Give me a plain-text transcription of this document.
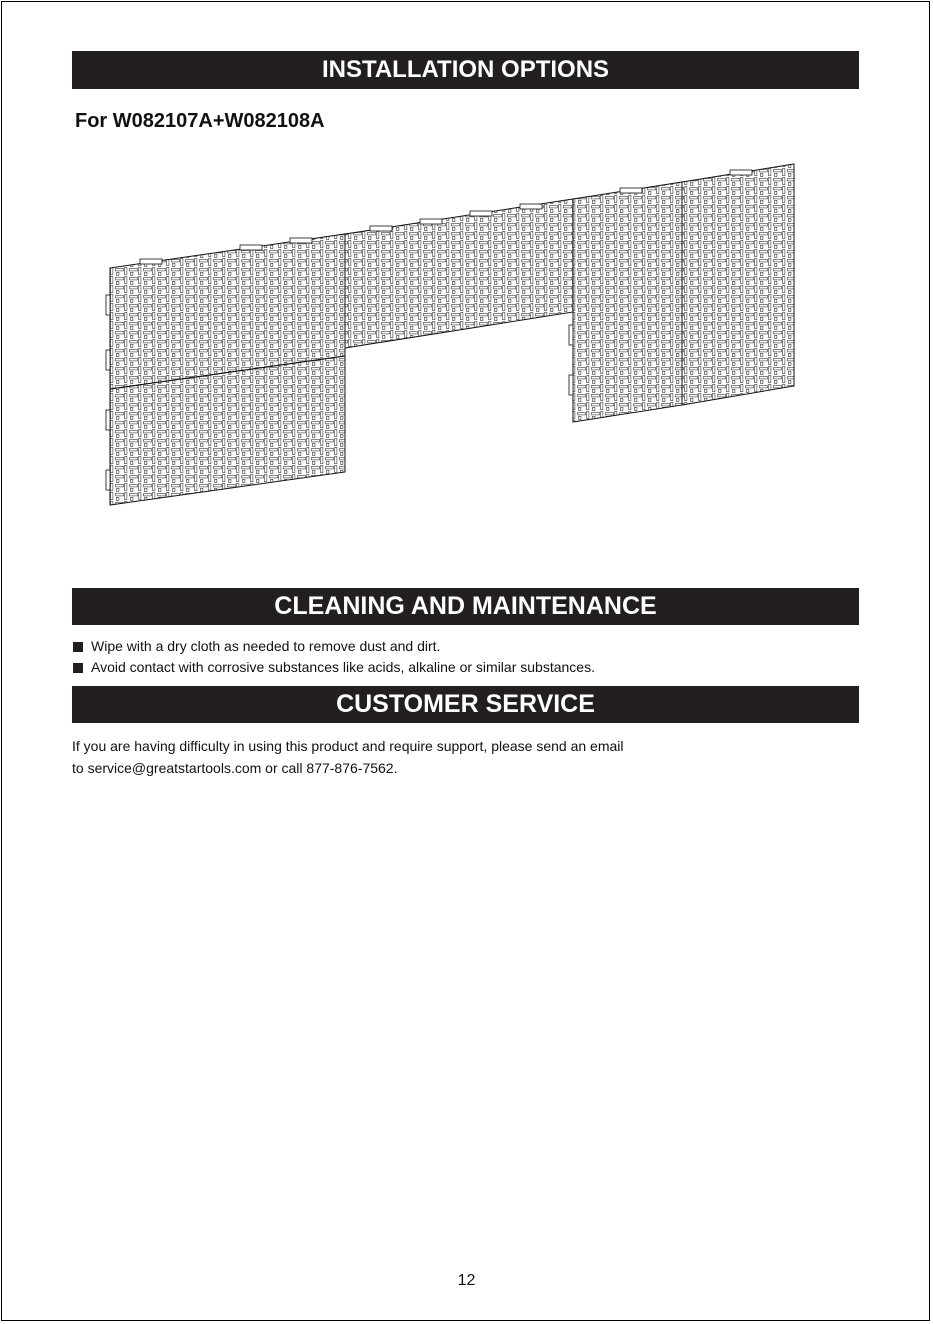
INSTALLATION OPTIONS
For W082107A+W082108A
CLEANING AND MAINTENANCE
Wipe with a dry cloth as needed to remove dust and dirt.
Avoid contact with corrosive substances like acids, alkaline or similar substances.
CUSTOMER SERVICE
If you are having difficulty in using this product and require support, please send an email
to service@greatstartools.com or call 877-876-7562.
12
